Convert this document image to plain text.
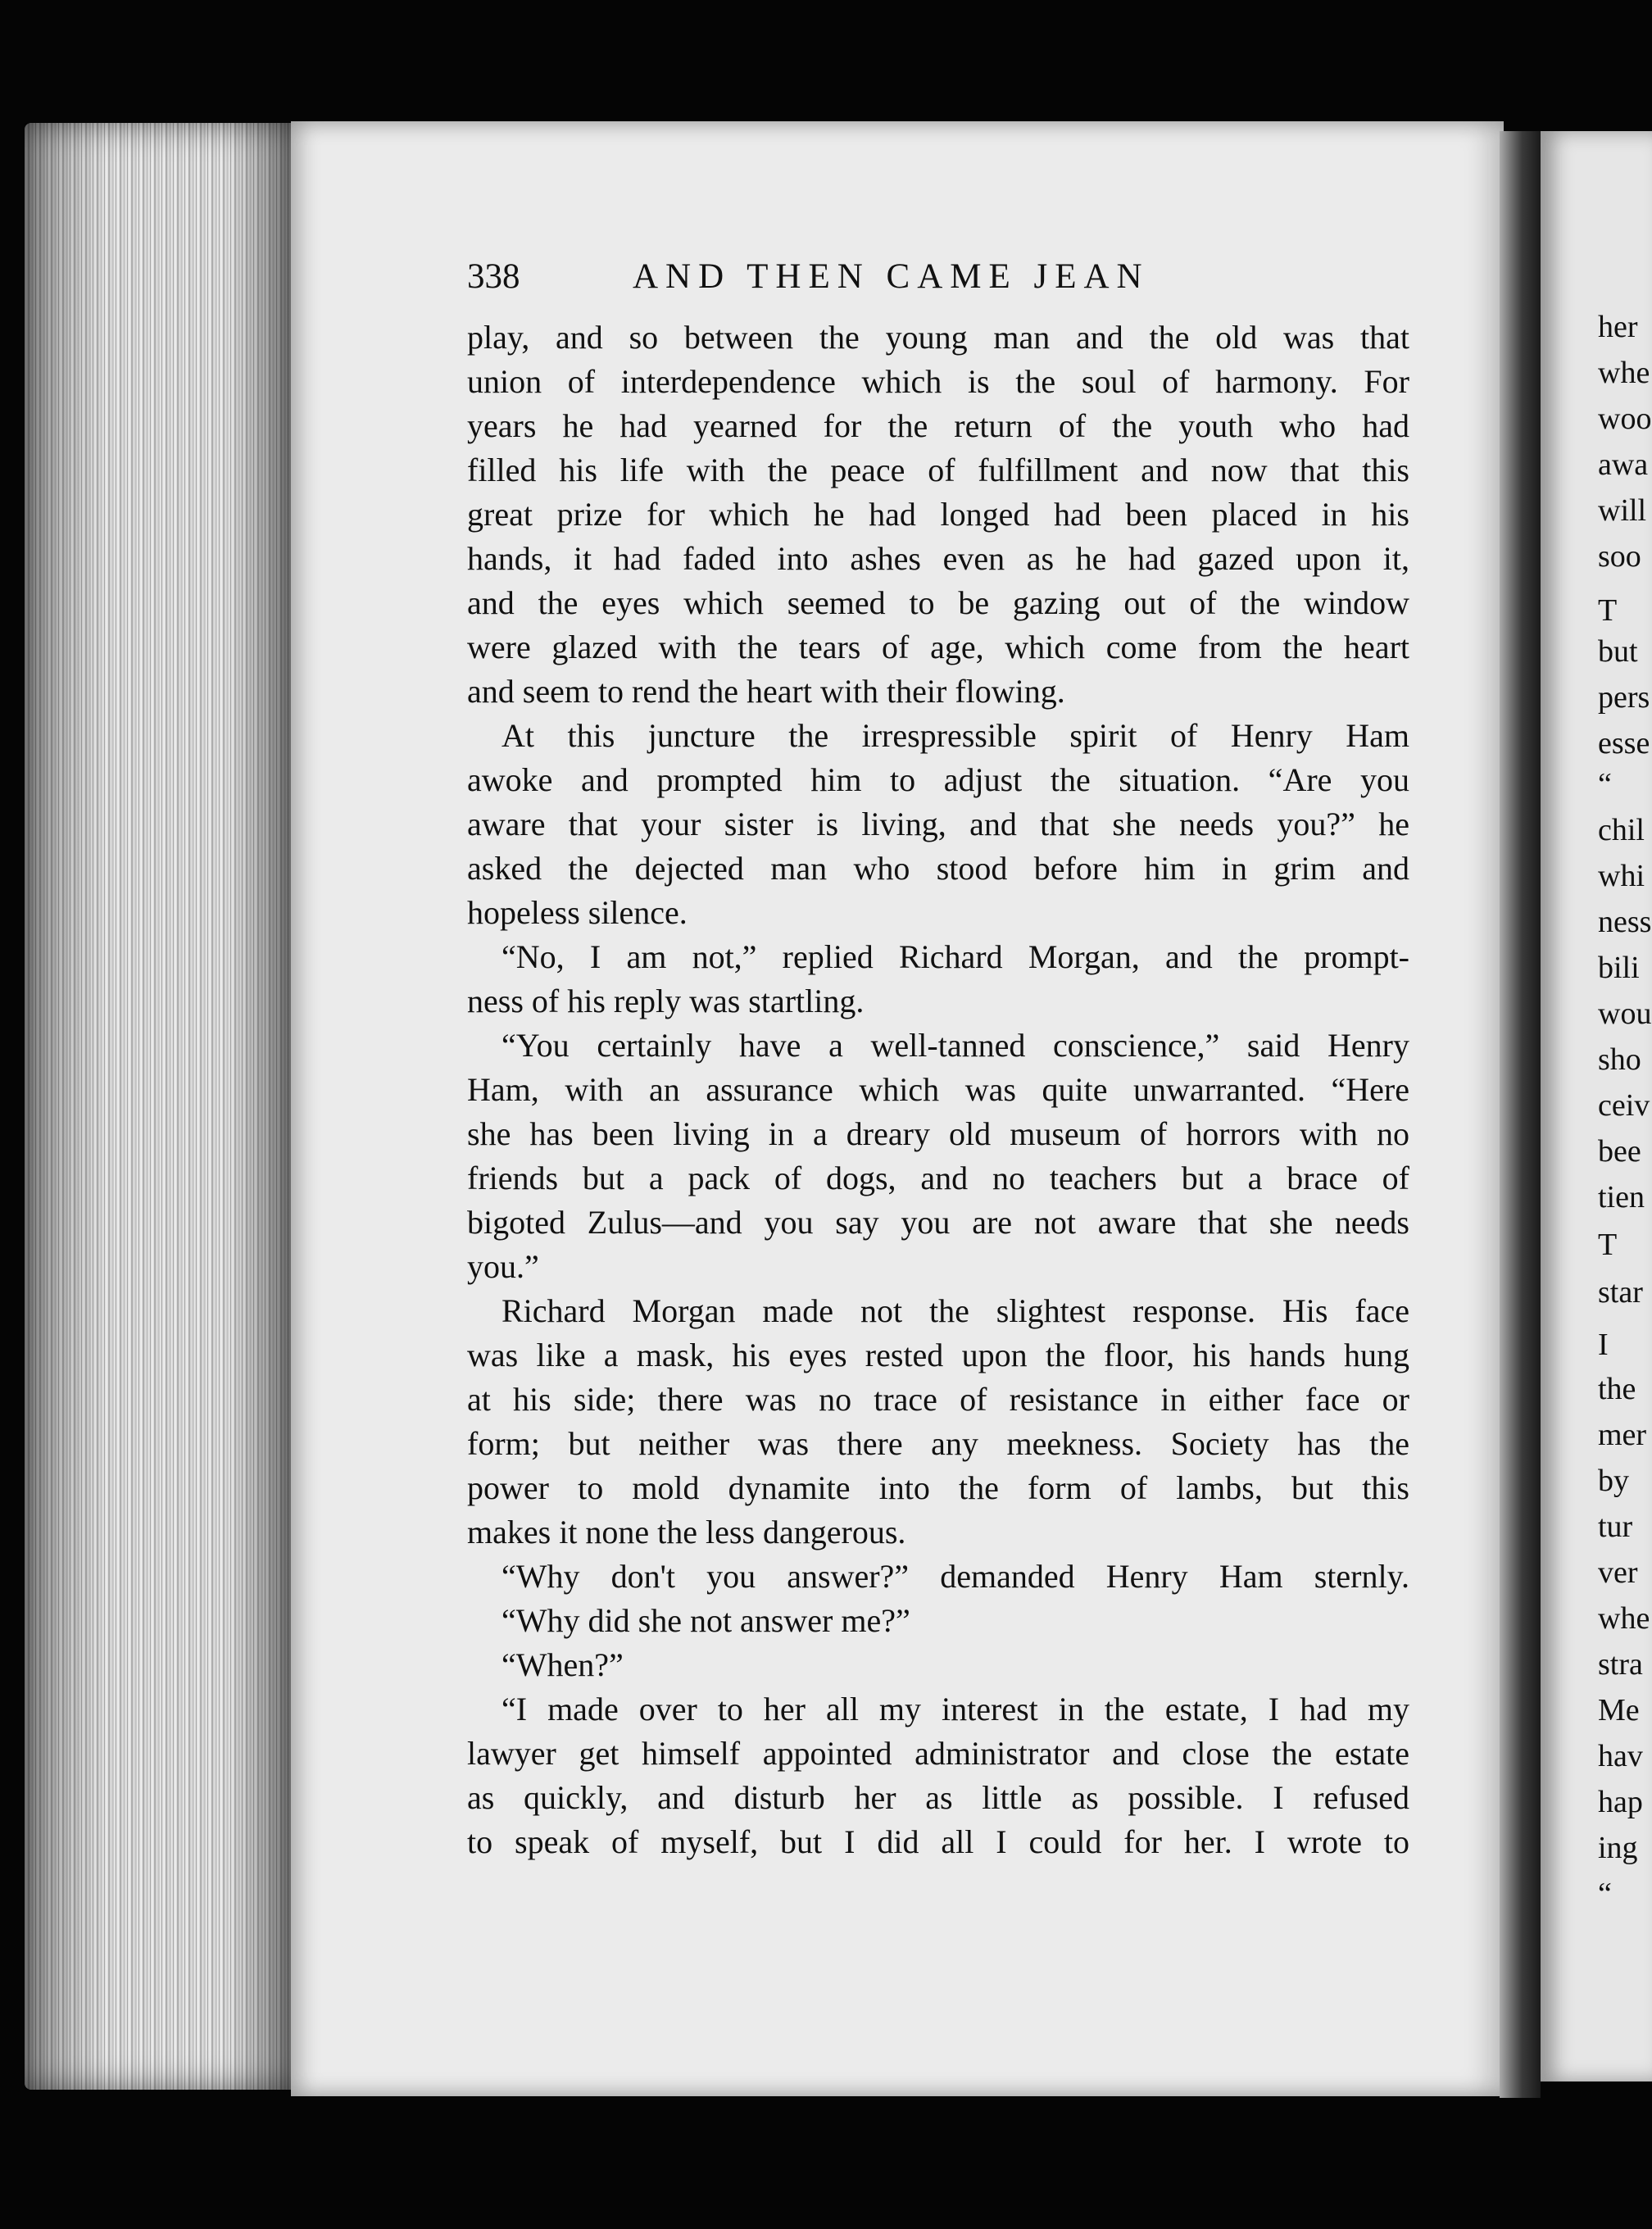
338	AND THEN CAME JEAN
play, and so between the young man and the old was that
union of interdependence which is the soul of harmony. For
years he had yearned for the return of the youth who had
filled his life with the peace of fulfillment and now that this
great prize for which he had longed had been placed in his
hands, it had faded into ashes even as he had gazed upon it,
and the eyes which seemed to be gazing out of the window
were glazed with the tears of age, which come from the heart
and seem to rend the heart with their flowing.
At this juncture the irrespressible spirit of Henry Ham
awoke and prompted him to adjust the situation. “Are you
aware that your sister is living, and that she needs you?” he
asked the dejected man who stood before him in grim and
hopeless silence.
“No, I am not,” replied Richard Morgan, and the prompt-
ness of his reply was startling.
“You certainly have a well-tanned conscience,” said Henry
Ham, with an assurance which was quite unwarranted. “Here
she has been living in a dreary old museum of horrors with no
friends but a pack of dogs, and no teachers but a brace of
bigoted Zulus—and you say you are not aware that she needs
you.”
Richard Morgan made not the slightest response. His face
was like a mask, his eyes rested upon the floor, his hands hung
at his side; there was no trace of resistance in either face or
form; but neither was there any meekness. Society has the
power to mold dynamite into the form of lambs, but this
makes it none the less dangerous.
“Why don't you answer?” demanded Henry Ham sternly.
“Why did she not answer me?”
“When?”
“I made over to her all my interest in the estate, I had my
lawyer get himself appointed administrator and close the estate
as quickly, and disturb her as little as possible. I refused
to speak of myself, but I did all I could for her. I wrote to
her
whe
woo
awa
will
soo
T
but
pers
esse
“
chil
whi
ness
bili
wou
sho
ceiv
bee
tien
T
star
I
the
mer
by
tur
ver
whe
stra
Me
hav
hap
ing
“
